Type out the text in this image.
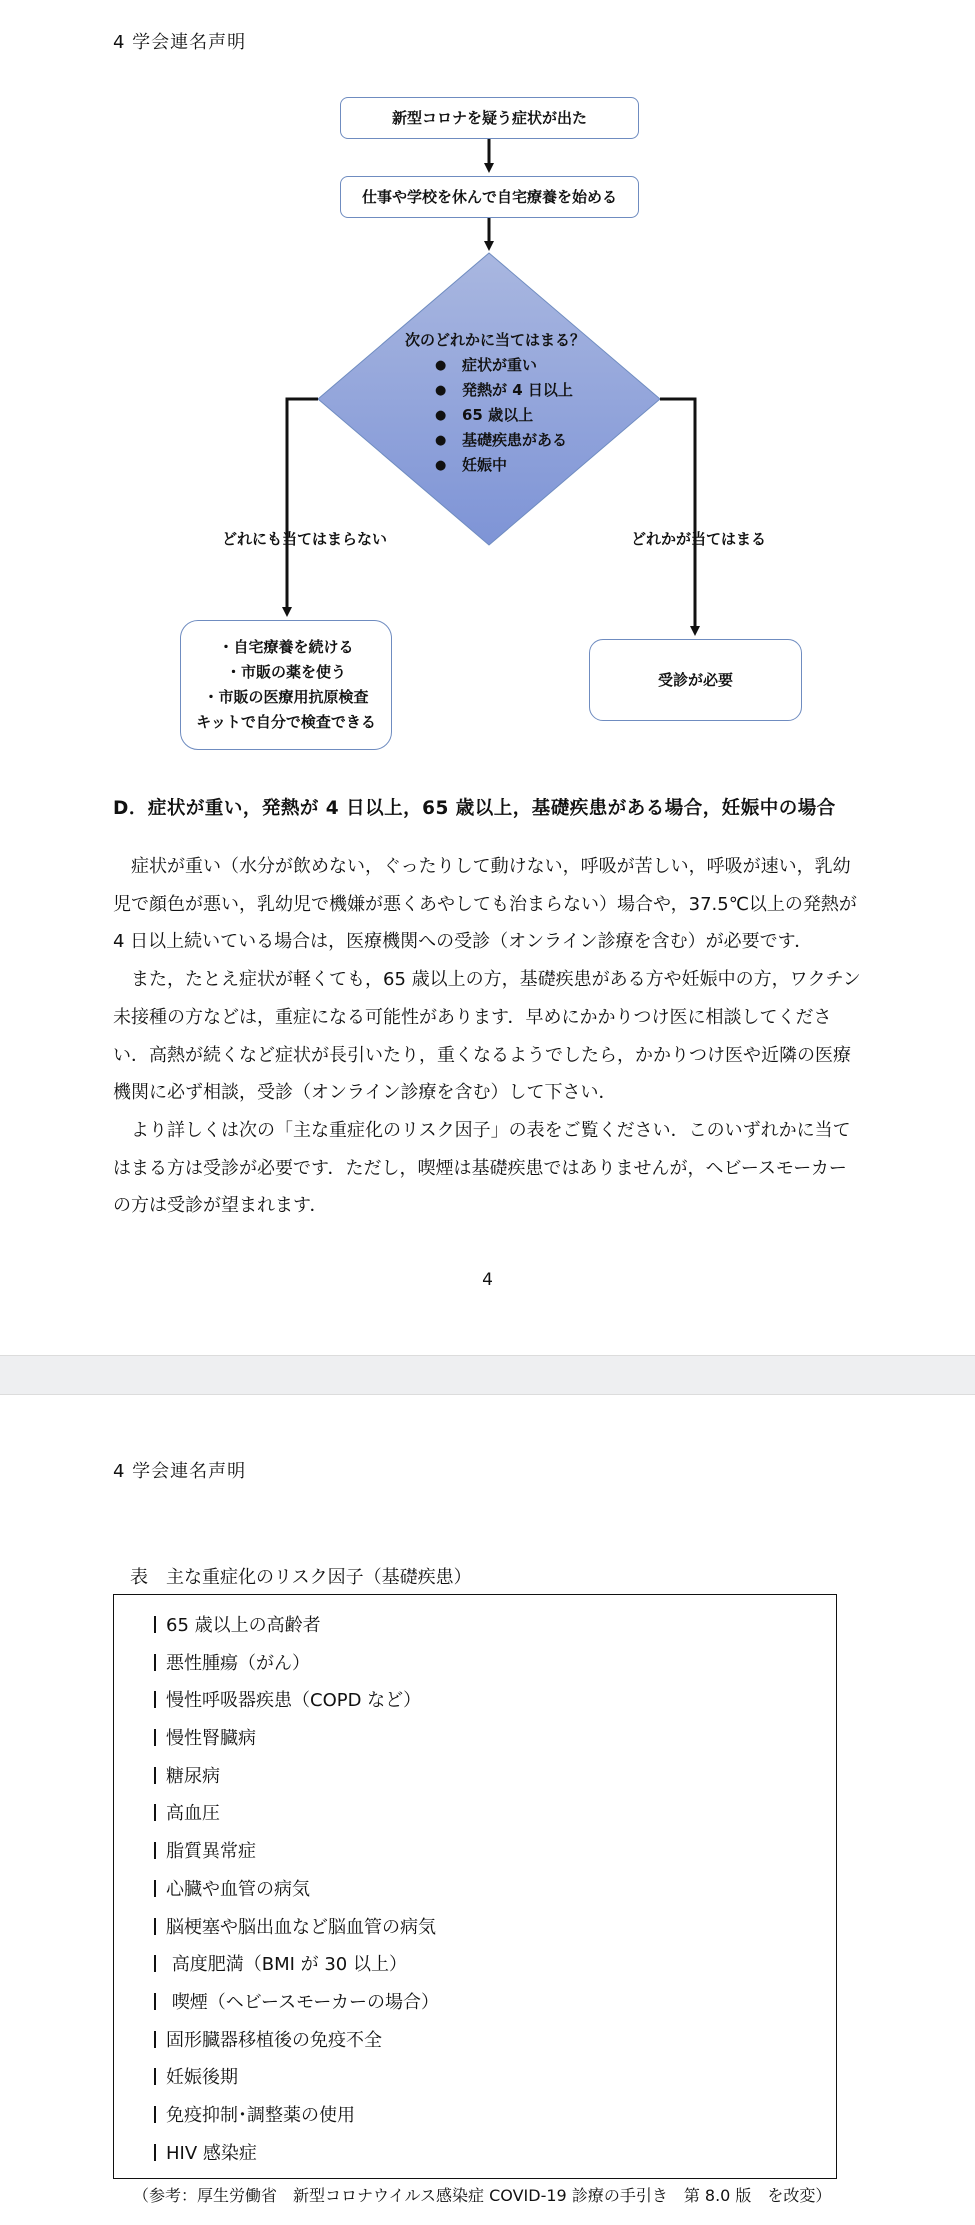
4 学会連名声明
新型コロナを疑う症状が出た
仕事や学校を休んで自宅療養を始める
次のどれかに当てはまる？
● 症状が重い
● 発熱が 4 日以上
● 65 歳以上
● 基礎疾患がある
● 妊娠中
どれにも当てはまらない	どれかが当てはまる
・自宅療養を続ける
・市販の薬を使う
・市販の医療用抗原検査
キットで自分で検査できる
受診が必要
D．症状が重い，発熱が 4 日以上，65 歳以上，基礎疾患がある場合，妊娠中の場合

症状が重い（水分が飲めない，ぐったりして動けない，呼吸が苦しい，呼吸が速い，乳幼児で顔色が悪い，乳幼児で機嫌が悪くあやしても治まらない）場合や，37.5℃以上の発熱が 4 日以上続いている場合は，医療機関への受診（オンライン診療を含む）が必要です．

また，たとえ症状が軽くても，65 歳以上の方，基礎疾患がある方や妊娠中の方，ワクチン未接種の方などは，重症になる可能性があります．早めにかかりつけ医に相談してください．高熱が続くなど症状が長引いたり，重くなるようでしたら，かかりつけ医や近隣の医療機関に必ず相談，受診（オンライン診療を含む）して下さい．

より詳しくは次の「主な重症化のリスク因子」の表をご覧ください．このいずれかに当てはまる方は受診が必要です．ただし，喫煙は基礎疾患ではありませんが，ヘビースモーカーの方は受診が望まれます．

4
4 学会連名声明
表　主な重症化のリスク因子（基礎疾患）
65 歳以上の高齢者
悪性腫瘍（がん）
慢性呼吸器疾患（COPD など）
慢性腎臓病
糖尿病
高血圧
脂質異常症
心臓や血管の病気
脳梗塞や脳出血など脳血管の病気
高度肥満（BMI が 30 以上）
喫煙（ヘビースモーカーの場合）
固形臓器移植後の免疫不全
妊娠後期
免疫抑制･調整薬の使用
HIV 感染症
（参考：厚生労働省　新型コロナウイルス感染症 COVID-19 診療の手引き　第 8.0 版　を改変）
